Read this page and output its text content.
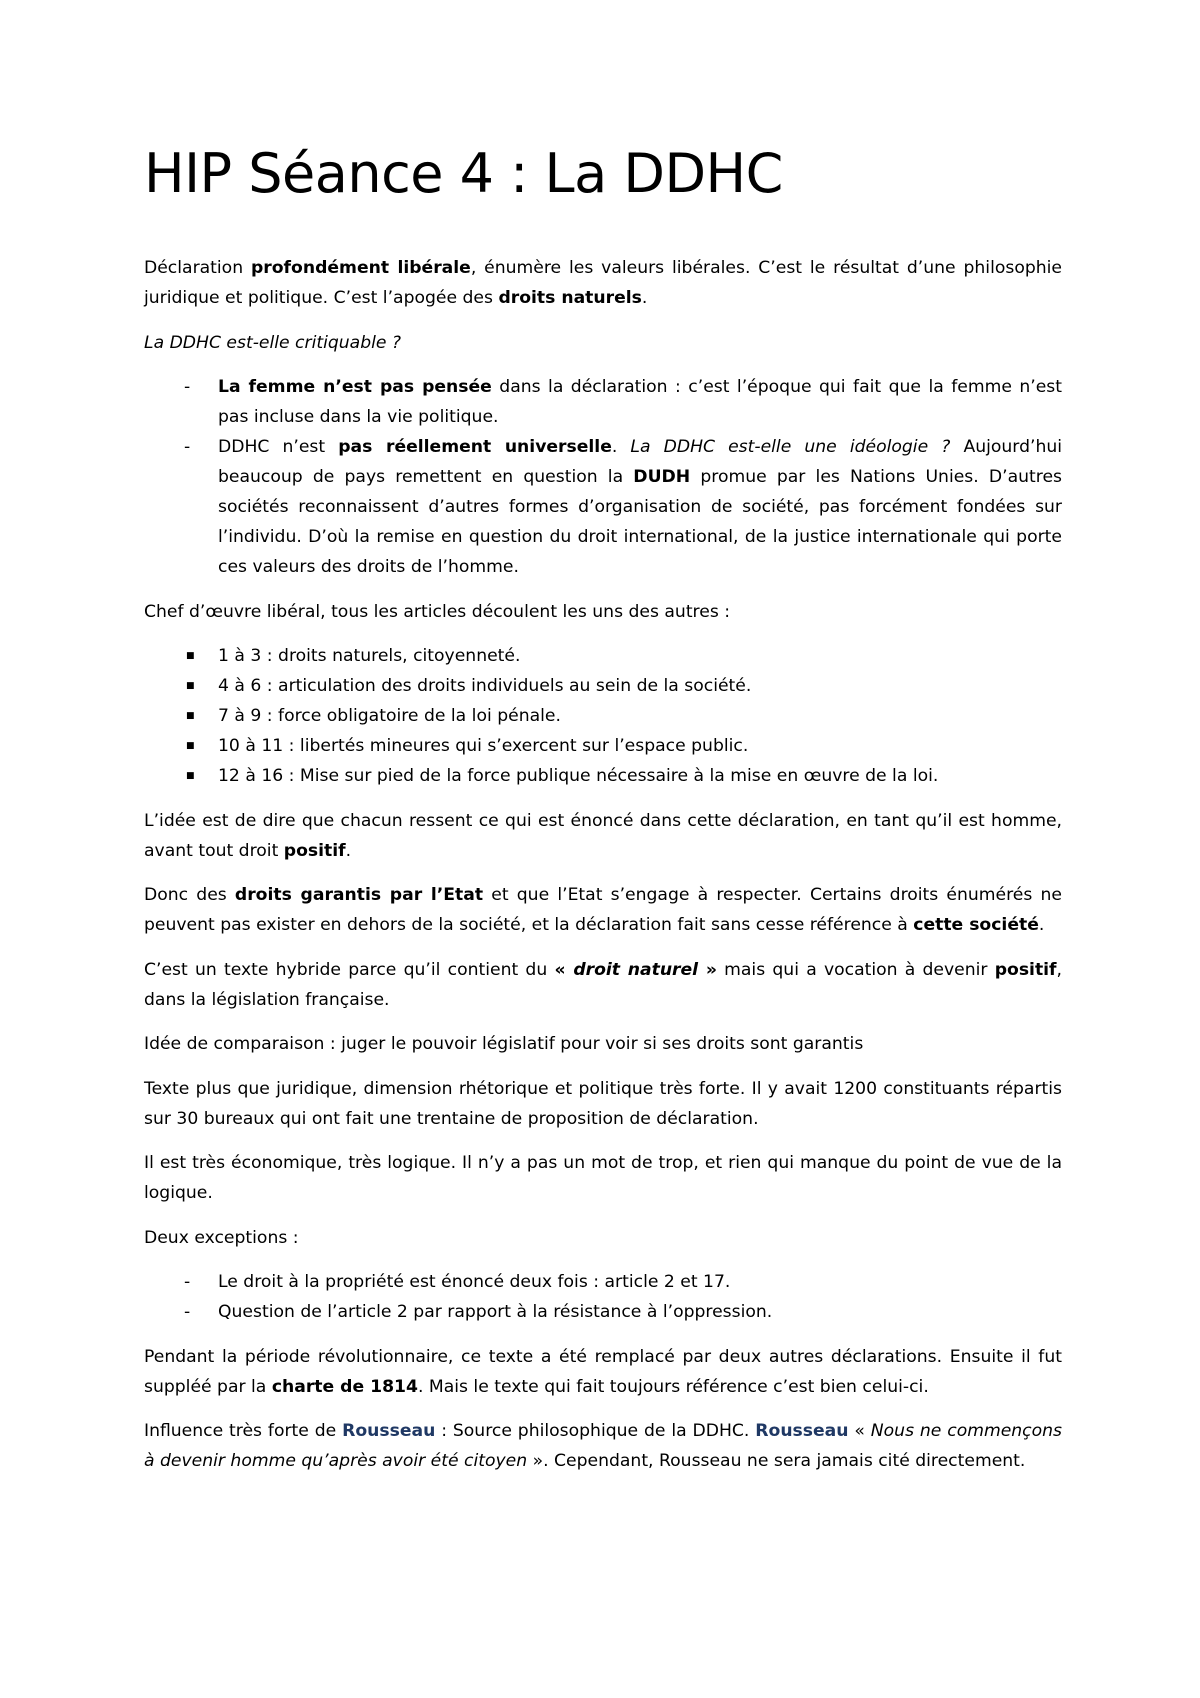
HIP Séance 4 : La DDHC

Déclaration profondément libérale, énumère les valeurs libérales. C’est le résultat d’une philosophie juridique et politique. C’est l’apogée des droits naturels.

La DDHC est-elle critiquable ?

- La femme n’est pas pensée dans la déclaration : c’est l’époque qui fait que la femme n’est pas incluse dans la vie politique.
- DDHC n’est pas réellement universelle. La DDHC est-elle une idéologie ? Aujourd’hui beaucoup de pays remettent en question la DUDH promue par les Nations Unies. D’autres sociétés reconnaissent d’autres formes d’organisation de société, pas forcément fondées sur l’individu. D’où la remise en question du droit international, de la justice internationale qui porte ces valeurs des droits de l’homme.

Chef d’œuvre libéral, tous les articles découlent les uns des autres :

■ 1 à 3 : droits naturels, citoyenneté.
■ 4 à 6 : articulation des droits individuels au sein de la société.
■ 7 à 9 : force obligatoire de la loi pénale.
■ 10 à 11 : libertés mineures qui s’exercent sur l’espace public.
■ 12 à 16 : Mise sur pied de la force publique nécessaire à la mise en œuvre de la loi.

L’idée est de dire que chacun ressent ce qui est énoncé dans cette déclaration, en tant qu’il est homme, avant tout droit positif.

Donc des droits garantis par l’Etat et que l’Etat s’engage à respecter. Certains droits énumérés ne peuvent pas exister en dehors de la société, et la déclaration fait sans cesse référence à cette société.

C’est un texte hybride parce qu’il contient du « droit naturel » mais qui a vocation à devenir positif, dans la législation française.

Idée de comparaison : juger le pouvoir législatif pour voir si ses droits sont garantis

Texte plus que juridique, dimension rhétorique et politique très forte. Il y avait 1200 constituants répartis sur 30 bureaux qui ont fait une trentaine de proposition de déclaration.

Il est très économique, très logique. Il n’y a pas un mot de trop, et rien qui manque du point de vue de la logique.

Deux exceptions :

- Le droit à la propriété est énoncé deux fois : article 2 et 17.
- Question de l’article 2 par rapport à la résistance à l’oppression.

Pendant la période révolutionnaire, ce texte a été remplacé par deux autres déclarations. Ensuite il fut suppléé par la charte de 1814. Mais le texte qui fait toujours référence c’est bien celui-ci.

Influence très forte de Rousseau : Source philosophique de la DDHC. Rousseau « Nous ne commençons à devenir homme qu’après avoir été citoyen ». Cependant, Rousseau ne sera jamais cité directement.
